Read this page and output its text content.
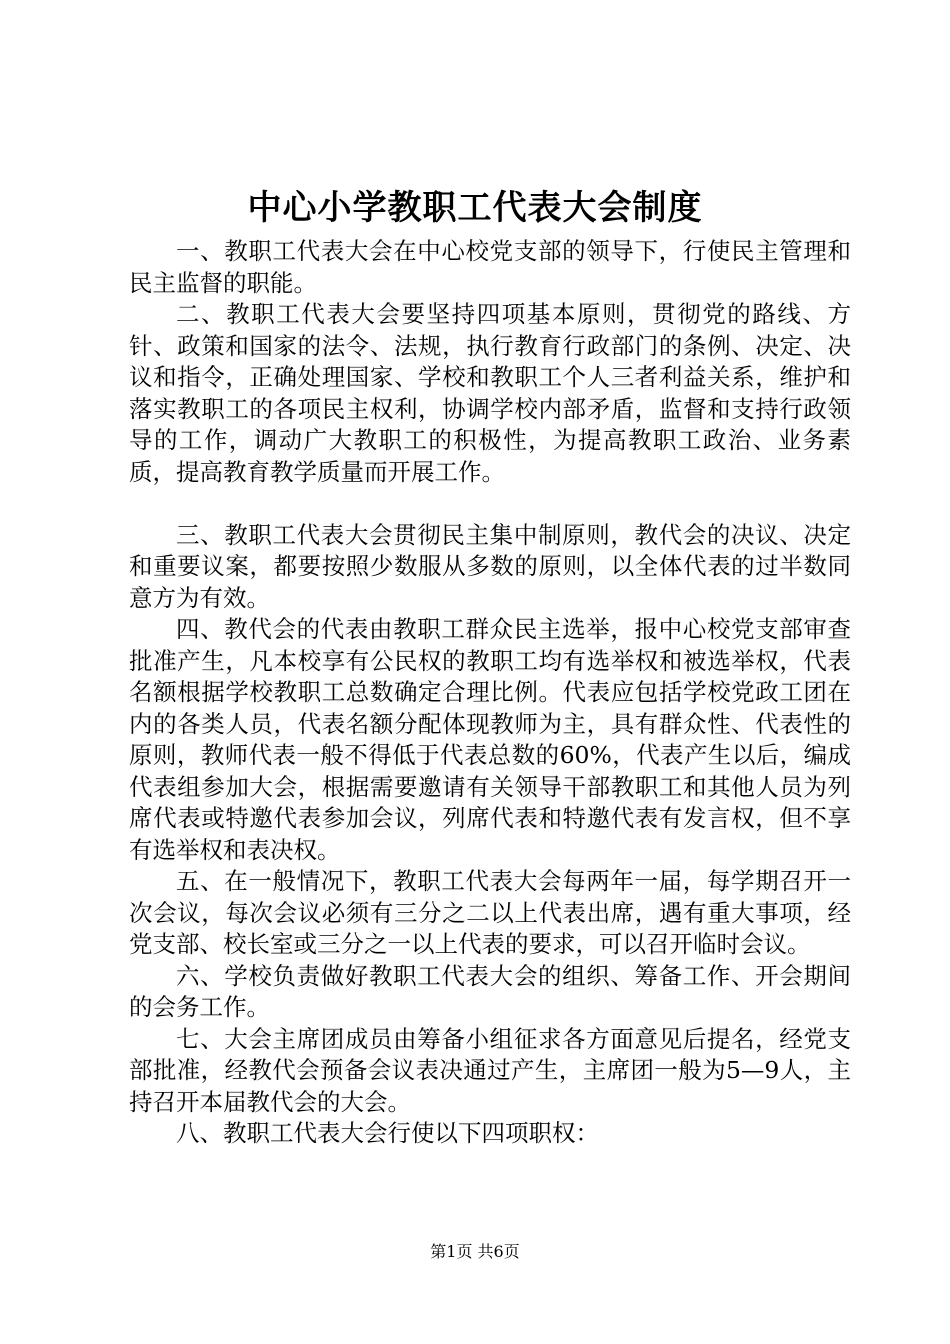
中心小学教职工代表大会制度

一、教职工代表大会在中心校党支部的领导下，行使民主管理和民主监督的职能。

二、教职工代表大会要坚持四项基本原则，贯彻党的路线、方针、政策和国家的法令、法规，执行教育行政部门的条例、决定、决议和指令，正确处理国家、学校和教职工个人三者利益关系，维护和落实教职工的各项民主权利，协调学校内部矛盾，监督和支持行政领导的工作，调动广大教职工的积极性，为提高教职工政治、业务素质，提高教育教学质量而开展工作。

三、教职工代表大会贯彻民主集中制原则，教代会的决议、决定和重要议案，都要按照少数服从多数的原则，以全体代表的过半数同意方为有效。

四、教代会的代表由教职工群众民主选举，报中心校党支部审查批准产生，凡本校享有公民权的教职工均有选举权和被选举权，代表名额根据学校教职工总数确定合理比例。代表应包括学校党政工团在内的各类人员，代表名额分配体现教师为主，具有群众性、代表性的原则，教师代表一般不得低于代表总数的60%，代表产生以后，编成代表组参加大会，根据需要邀请有关领导干部教职工和其他人员为列席代表或特邀代表参加会议，列席代表和特邀代表有发言权，但不享有选举权和表决权。

五、在一般情况下，教职工代表大会每两年一届，每学期召开一次会议，每次会议必须有三分之二以上代表出席，遇有重大事项，经党支部、校长室或三分之一以上代表的要求，可以召开临时会议。

六、学校负责做好教职工代表大会的组织、筹备工作、开会期间的会务工作。

七、大会主席团成员由筹备小组征求各方面意见后提名，经党支部批准，经教代会预备会议表决通过产生，主席团一般为5—9人，主持召开本届教代会的大会。

八、教职工代表大会行使以下四项职权：

第1页 共6页
